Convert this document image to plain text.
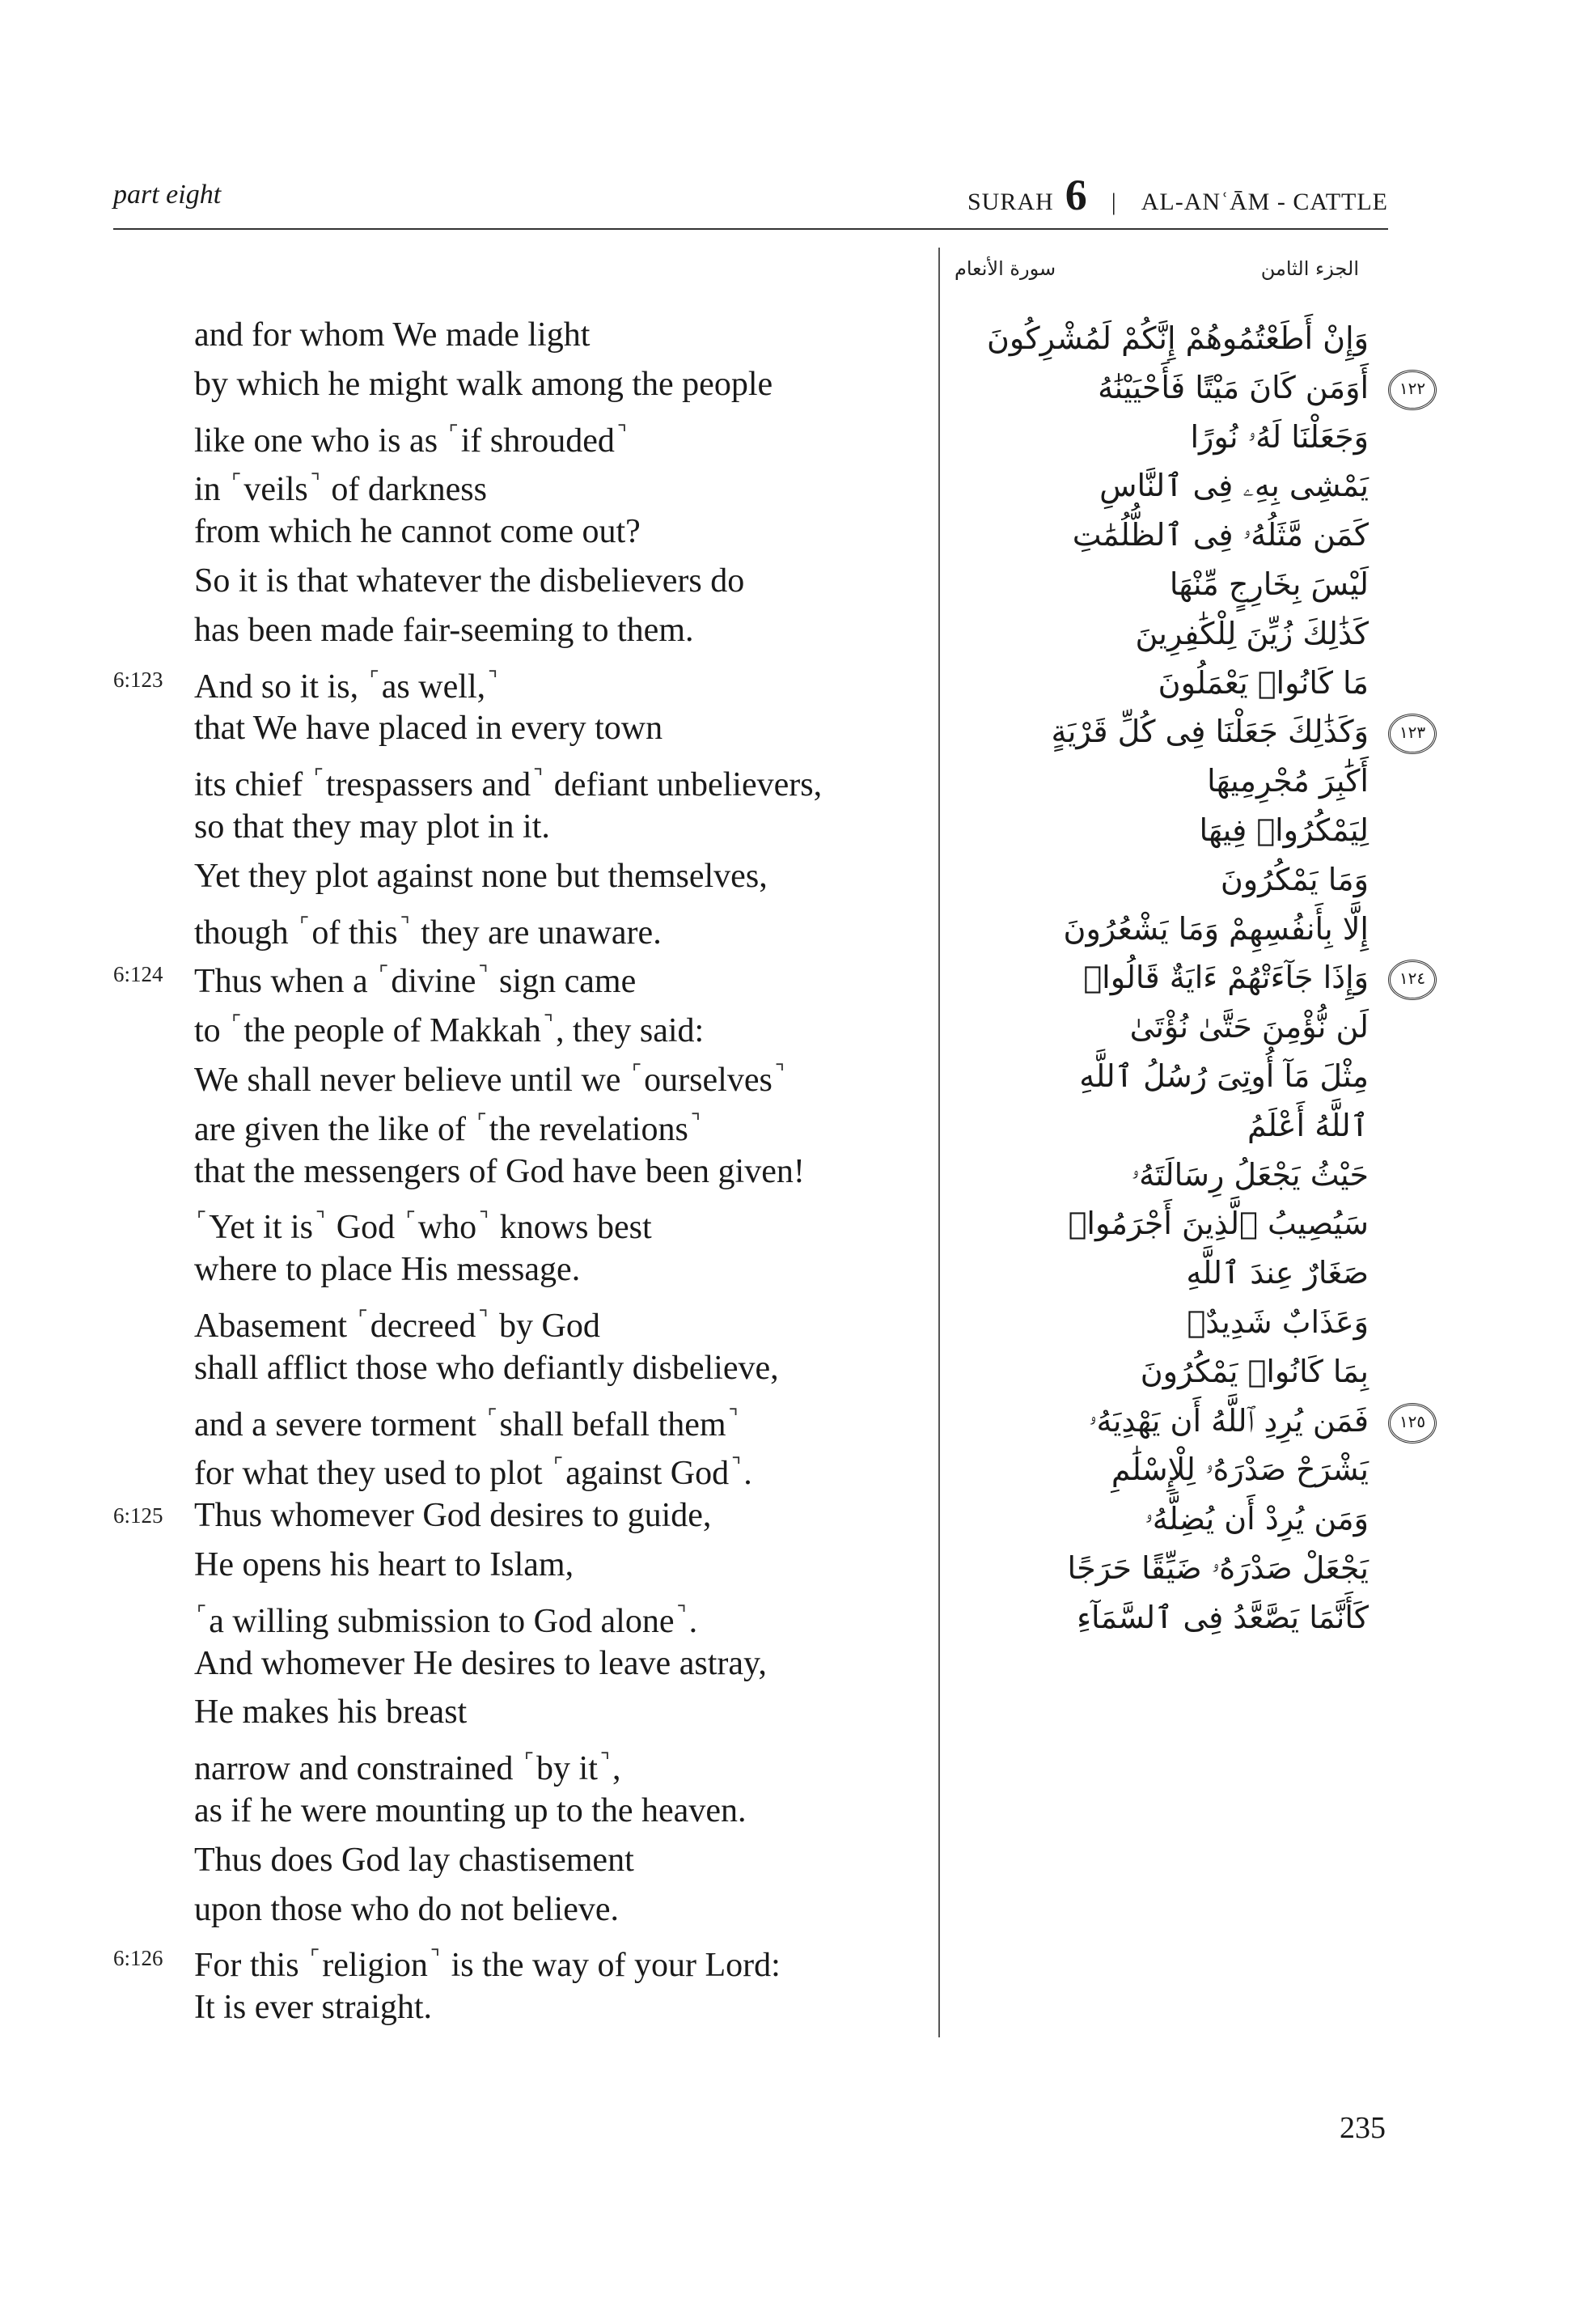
part eight	SURAH 6 | AL-ANʿĀM - CATTLE
الجزء الثامن
سورة الأنعام
and for whom We made light
by which he might walk among the people
like one who is as ⌜if shrouded ⌝
in ⌜veils ⌝ of darkness
from which he cannot come out?
So it is that whatever the disbelievers do
has been made fair-seeming to them.
6:123 And so it is, ⌜as well, ⌝
that We have placed in every town
its chief ⌜trespassers and ⌝ defiant unbelievers,
so that they may plot in it.
Yet they plot against none but themselves,
though ⌜of this ⌝ they are unaware.
6:124 Thus when a ⌜divine ⌝ sign came
to ⌜the people of Makkah ⌝, they said:
We shall never believe until we ⌜ourselves ⌝
are given the like of ⌜the revelations ⌝
that the messengers of God have been given!
⌜Yet it is ⌝ God ⌜who ⌝ knows best
where to place His message.
Abasement ⌜decreed ⌝ by God
shall afflict those who defiantly disbelieve,
and a severe torment ⌜shall befall them ⌝
for what they used to plot ⌜against God ⌝.
6:125 Thus whomever God desires to guide,
He opens his heart to Islam,
⌜a willing submission to God alone ⌝.
And whomever He desires to leave astray,
He makes his breast
narrow and constrained ⌜by it ⌝,
as if he were mounting up to the heaven.
Thus does God lay chastisement
upon those who do not believe.
6:126 For this ⌜religion ⌝ is the way of your Lord:
It is ever straight.
وَإِنْ أَطَعْتُمُوهُمْ إِنَّكُمْ لَمُشْرِكُونَ
أَوَمَن كَانَ مَيْتًا فَأَحْيَيْنَٰهُ	١٢٢
وَجَعَلْنَا لَهُۥ نُورًا
يَمْشِى بِهِۦ فِى ٱلنَّاسِ
كَمَن مَّثَلُهُۥ فِى ٱلظُّلُمَٰتِ
لَيْسَ بِخَارِجٍ مِّنْهَا
كَذَٰلِكَ زُيِّنَ لِلْكَٰفِرِينَ
مَا كَانُوا۟ يَعْمَلُونَ
وَكَذَٰلِكَ جَعَلْنَا فِى كُلِّ قَرْيَةٍ	١٢٣
أَكَٰبِرَ مُجْرِمِيهَا
لِيَمْكُرُوا۟ فِيهَا
وَمَا يَمْكُرُونَ
إِلَّا بِأَنفُسِهِمْ وَمَا يَشْعُرُونَ
وَإِذَا جَآءَتْهُمْ ءَايَةٌ قَالُوا۟	١٢٤
لَن نُّؤْمِنَ حَتَّىٰ نُؤْتَىٰ
مِثْلَ مَآ أُوتِىَ رُسُلُ ٱللَّهِ
ٱللَّهُ أَعْلَمُ
حَيْثُ يَجْعَلُ رِسَالَتَهُۥ
سَيُصِيبُ ٱلَّذِينَ أَجْرَمُوا۟
صَغَارٌ عِندَ ٱللَّهِ
وَعَذَابٌ شَدِيدٌۢ
بِمَا كَانُوا۟ يَمْكُرُونَ
فَمَن يُرِدِ ٱللَّهُ أَن يَهْدِيَهُۥ	١٢٥
يَشْرَحْ صَدْرَهُۥ لِلْإِسْلَٰمِ
وَمَن يُرِدْ أَن يُضِلَّهُۥ
يَجْعَلْ صَدْرَهُۥ ضَيِّقًا حَرَجًا
كَأَنَّمَا يَصَّعَّدُ فِى ٱلسَّمَآءِ
235
